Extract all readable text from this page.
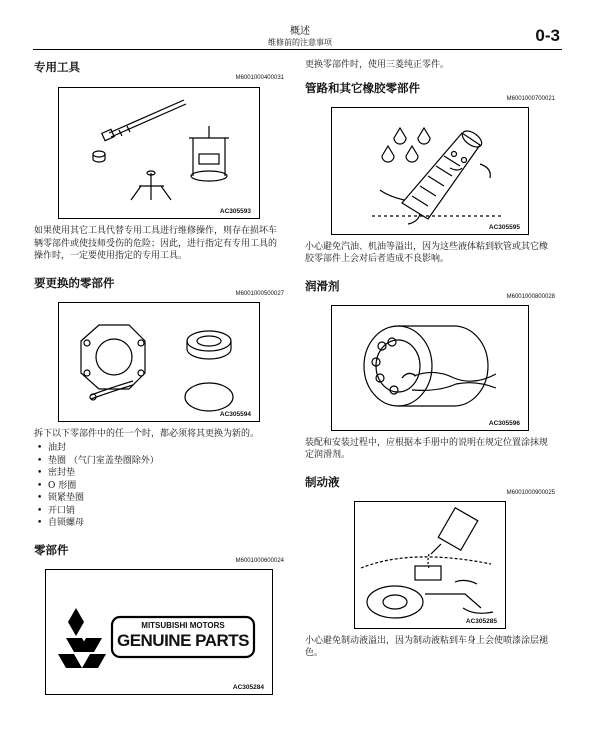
概述
维修前的注意事项	0-3
专用工具
M6001000400031
AC305593

如果使用其它工具代替专用工具进行维修操作，则存在损坏车辆零部件或使技师受伤的危险；因此，进行指定有专用工具的操作时，一定要使用指定的专用工具。

要更换的零部件
M6001000500027
AC305594

拆下以下零部件中的任一个时，都必须将其更换为新的。

• 油封
• 垫圈 （气门室盖垫圈除外）
• 密封垫
• O 形圈
• 锁紧垫圈
• 开口销
• 自锁螺母
零部件
M6001000600024
MITSUBISHI MOTORS
GENUINE PARTS
AC305284

更换零部件时，使用三菱纯正零件。

管路和其它橡胶零部件
M6001000700021
AC305595

小心避免汽油、机油等溢出，因为这些液体粘到软管或其它橡胶零部件上会对后者造成不良影响。

润滑剂
M6001000800028
AC305596

装配和安装过程中，应根据本手册中的说明在规定位置涂抹规定润滑剂。

制动液
M6001000900025
AC305285

小心避免制动液溢出，因为制动液粘到车身上会使喷漆涂层褪色。
